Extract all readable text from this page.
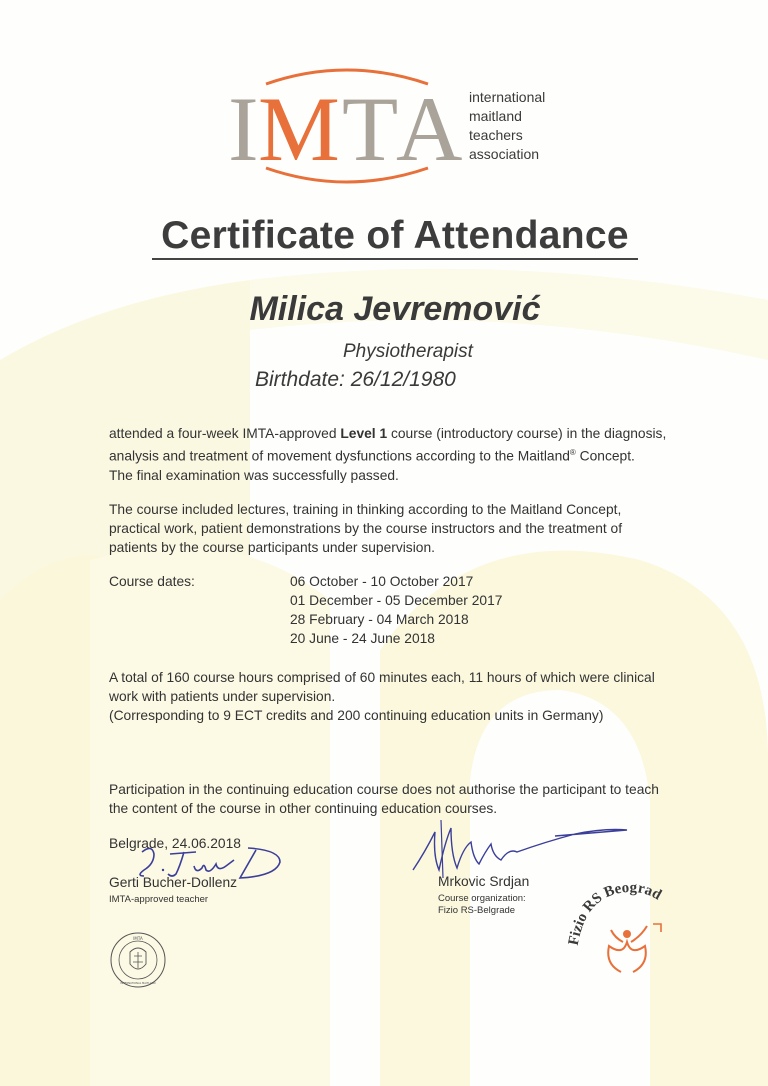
I M T
A international
maitland
teachers
association
Certificate of Attendance
Milica Jevremović
Physiotherapist
Birthdate: 26/12/1980
attended a four-week IMTA-approved Level 1 course (introductory course) in the diagnosis,
analysis and treatment of movement dysfunctions according to the Maitland® Concept.
The final examination was successfully passed.
The course included lectures, training in thinking according to the Maitland Concept,
practical work, patient demonstrations by the course instructors and the treatment of
patients by the course participants under supervision.
Course dates:	06 October - 10 October 2017
01 December - 05 December 2017
28 February - 04 March 2018
20 June - 24 June 2018
A total of 160 course hours comprised of 60 minutes each, 11 hours of which were clinical
work with patients under supervision.
(Corresponding to 9 ECT credits and 200 continuing education units in Germany)
Participation in the continuing education course does not authorise the participant to teach
the content of the course in other continuing education courses.
Belgrade, 24.06.2018
Gerti Bucher-Dollenz
IMTA-approved teacher
Mrkovic Srdjan
Course organization:
Fizio RS-Belgrade
IMTA
INTERNATIONAL MAITLAND
Fizio RS Beograd
